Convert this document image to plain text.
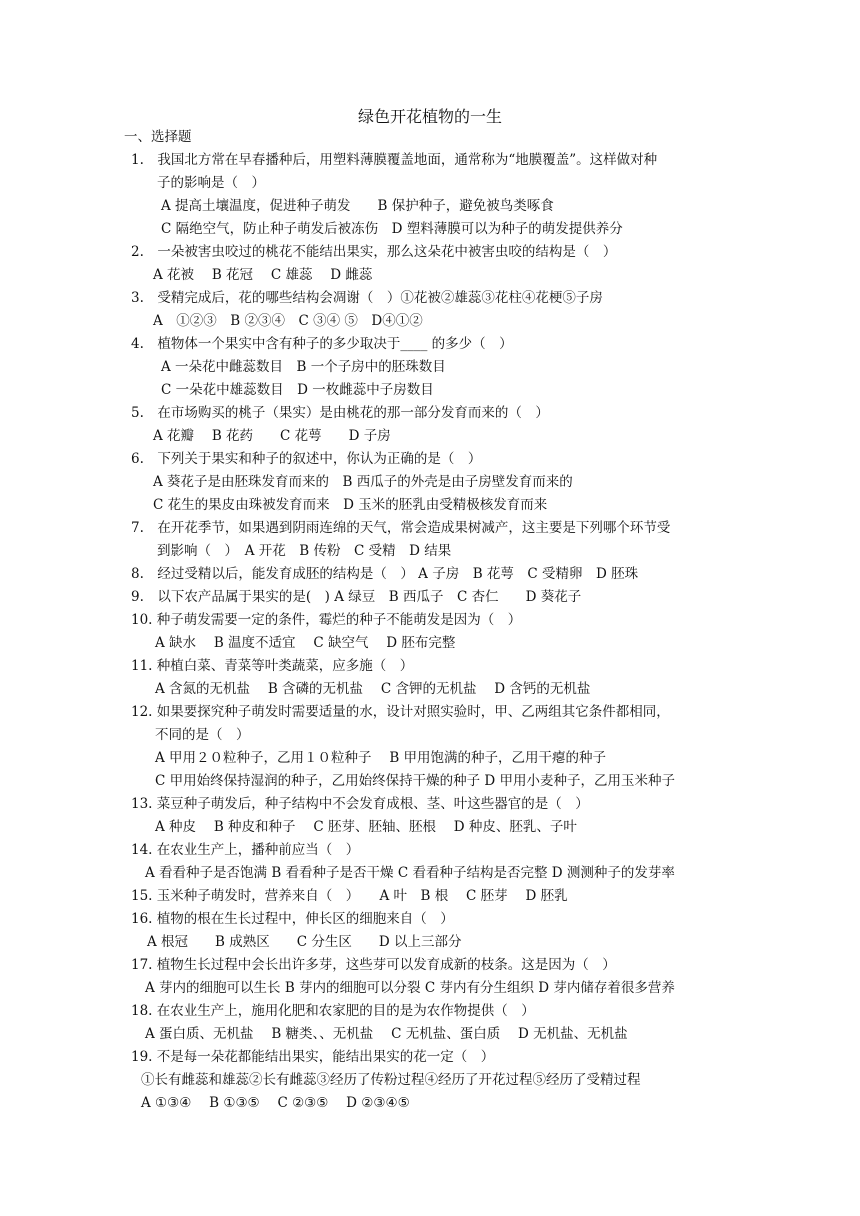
绿色开花植物的一生
一、选择题
1.　我国北方常在早春播种后，用塑料薄膜覆盖地面，通常称为“地膜覆盖”。这样做对种
子的影响是（　）
A 提高土壤温度，促进种子萌发　　B 保护种子，避免被鸟类啄食
C 隔绝空气，防止种子萌发后被冻伤　D 塑料薄膜可以为种子的萌发提供养分
2.　一朵被害虫咬过的桃花不能结出果实，那么这朵花中被害虫咬的结构是（　）
A 花被　 B 花冠　 C 雄蕊　 D 雌蕊
3.　受精完成后，花的哪些结构会凋谢（　）①花被②雄蕊③花柱④花梗⑤子房
A　①②③　B ②③④　C ③④ ⑤　D④①②
4.　植物体一个果实中含有种子的多少取决于____ 的多少（　）
A 一朵花中雌蕊数目　B 一个子房中的胚珠数目
C 一朵花中雄蕊数目　D 一枚雌蕊中子房数目
5.　在市场购买的桃子（果实）是由桃花的那一部分发育而来的（　）
A 花瓣　 B 花药　　C 花萼　　D 子房
6.　下列关于果实和种子的叙述中，你认为正确的是（　）
A 葵花子是由胚珠发育而来的　B 西瓜子的外壳是由子房壁发育而来的
C 花生的果皮由珠被发育而来　D 玉米的胚乳由受精极核发育而来
7.　在开花季节，如果遇到阴雨连绵的天气，常会造成果树减产，这主要是下列哪个环节受
到影响（　）　A 开花　B 传粉　C 受精　D 结果
8.　经过受精以后，能发育成胚的结构是（　） A 子房　B 花萼　C 受精卵　D 胚珠
9.　以下农产品属于果实的是(　) A 绿豆　B 西瓜子　C 杏仁　　D 葵花子
10. 种子萌发需要一定的条件，霉烂的种子不能萌发是因为（　）
A 缺水　 B 温度不适宜　 C 缺空气　 D 胚布完整
11. 种植白菜、青菜等叶类蔬菜，应多施（　）
A 含氮的无机盐　 B 含磷的无机盐　 C 含钾的无机盐　 D 含钙的无机盐
12. 如果要探究种子萌发时需要适量的水，设计对照实验时，甲、乙两组其它条件都相同，
不同的是（　）
A 甲用２０粒种子，乙用１０粒种子　 B 甲用饱满的种子，乙用干瘪的种子
C 甲用始终保持湿润的种子，乙用始终保持干燥的种子 D 甲用小麦种子，乙用玉米种子
13. 菜豆种子萌发后，种子结构中不会发育成根、茎、叶这些器官的是（　）
A 种皮　 B 种皮和种子　 C 胚芽、胚轴、胚根　 D 种皮、胚乳、子叶
14. 在农业生产上，播种前应当（　）
A 看看种子是否饱满 B 看看种子是否干燥 C 看看种子结构是否完整 D 测测种子的发芽率
15. 玉米种子萌发时，营养来自（　）　　A 叶　B 根　 C 胚芽　 D 胚乳
16. 植物的根在生长过程中，伸长区的细胞来自（　）
A 根冠　　B 成熟区　　C 分生区　　D 以上三部分
17. 植物生长过程中会长出许多芽，这些芽可以发育成新的枝条。这是因为（　）
A 芽内的细胞可以生长 B 芽内的细胞可以分裂 C 芽内有分生组织 D 芽内储存着很多营养
18. 在农业生产上，施用化肥和农家肥的目的是为农作物提供（　）
A 蛋白质、无机盐　 B 糖类、、无机盐　 C 无机盐、蛋白质　 D 无机盐、无机盐
19. 不是每一朵花都能结出果实，能结出果实的花一定（　）
①长有雌蕊和雄蕊②长有雌蕊③经历了传粉过程④经历了开花过程⑤经历了受精过程
A ①③④　 B ①③⑤　 C ②③⑤　 D ②③④⑤
